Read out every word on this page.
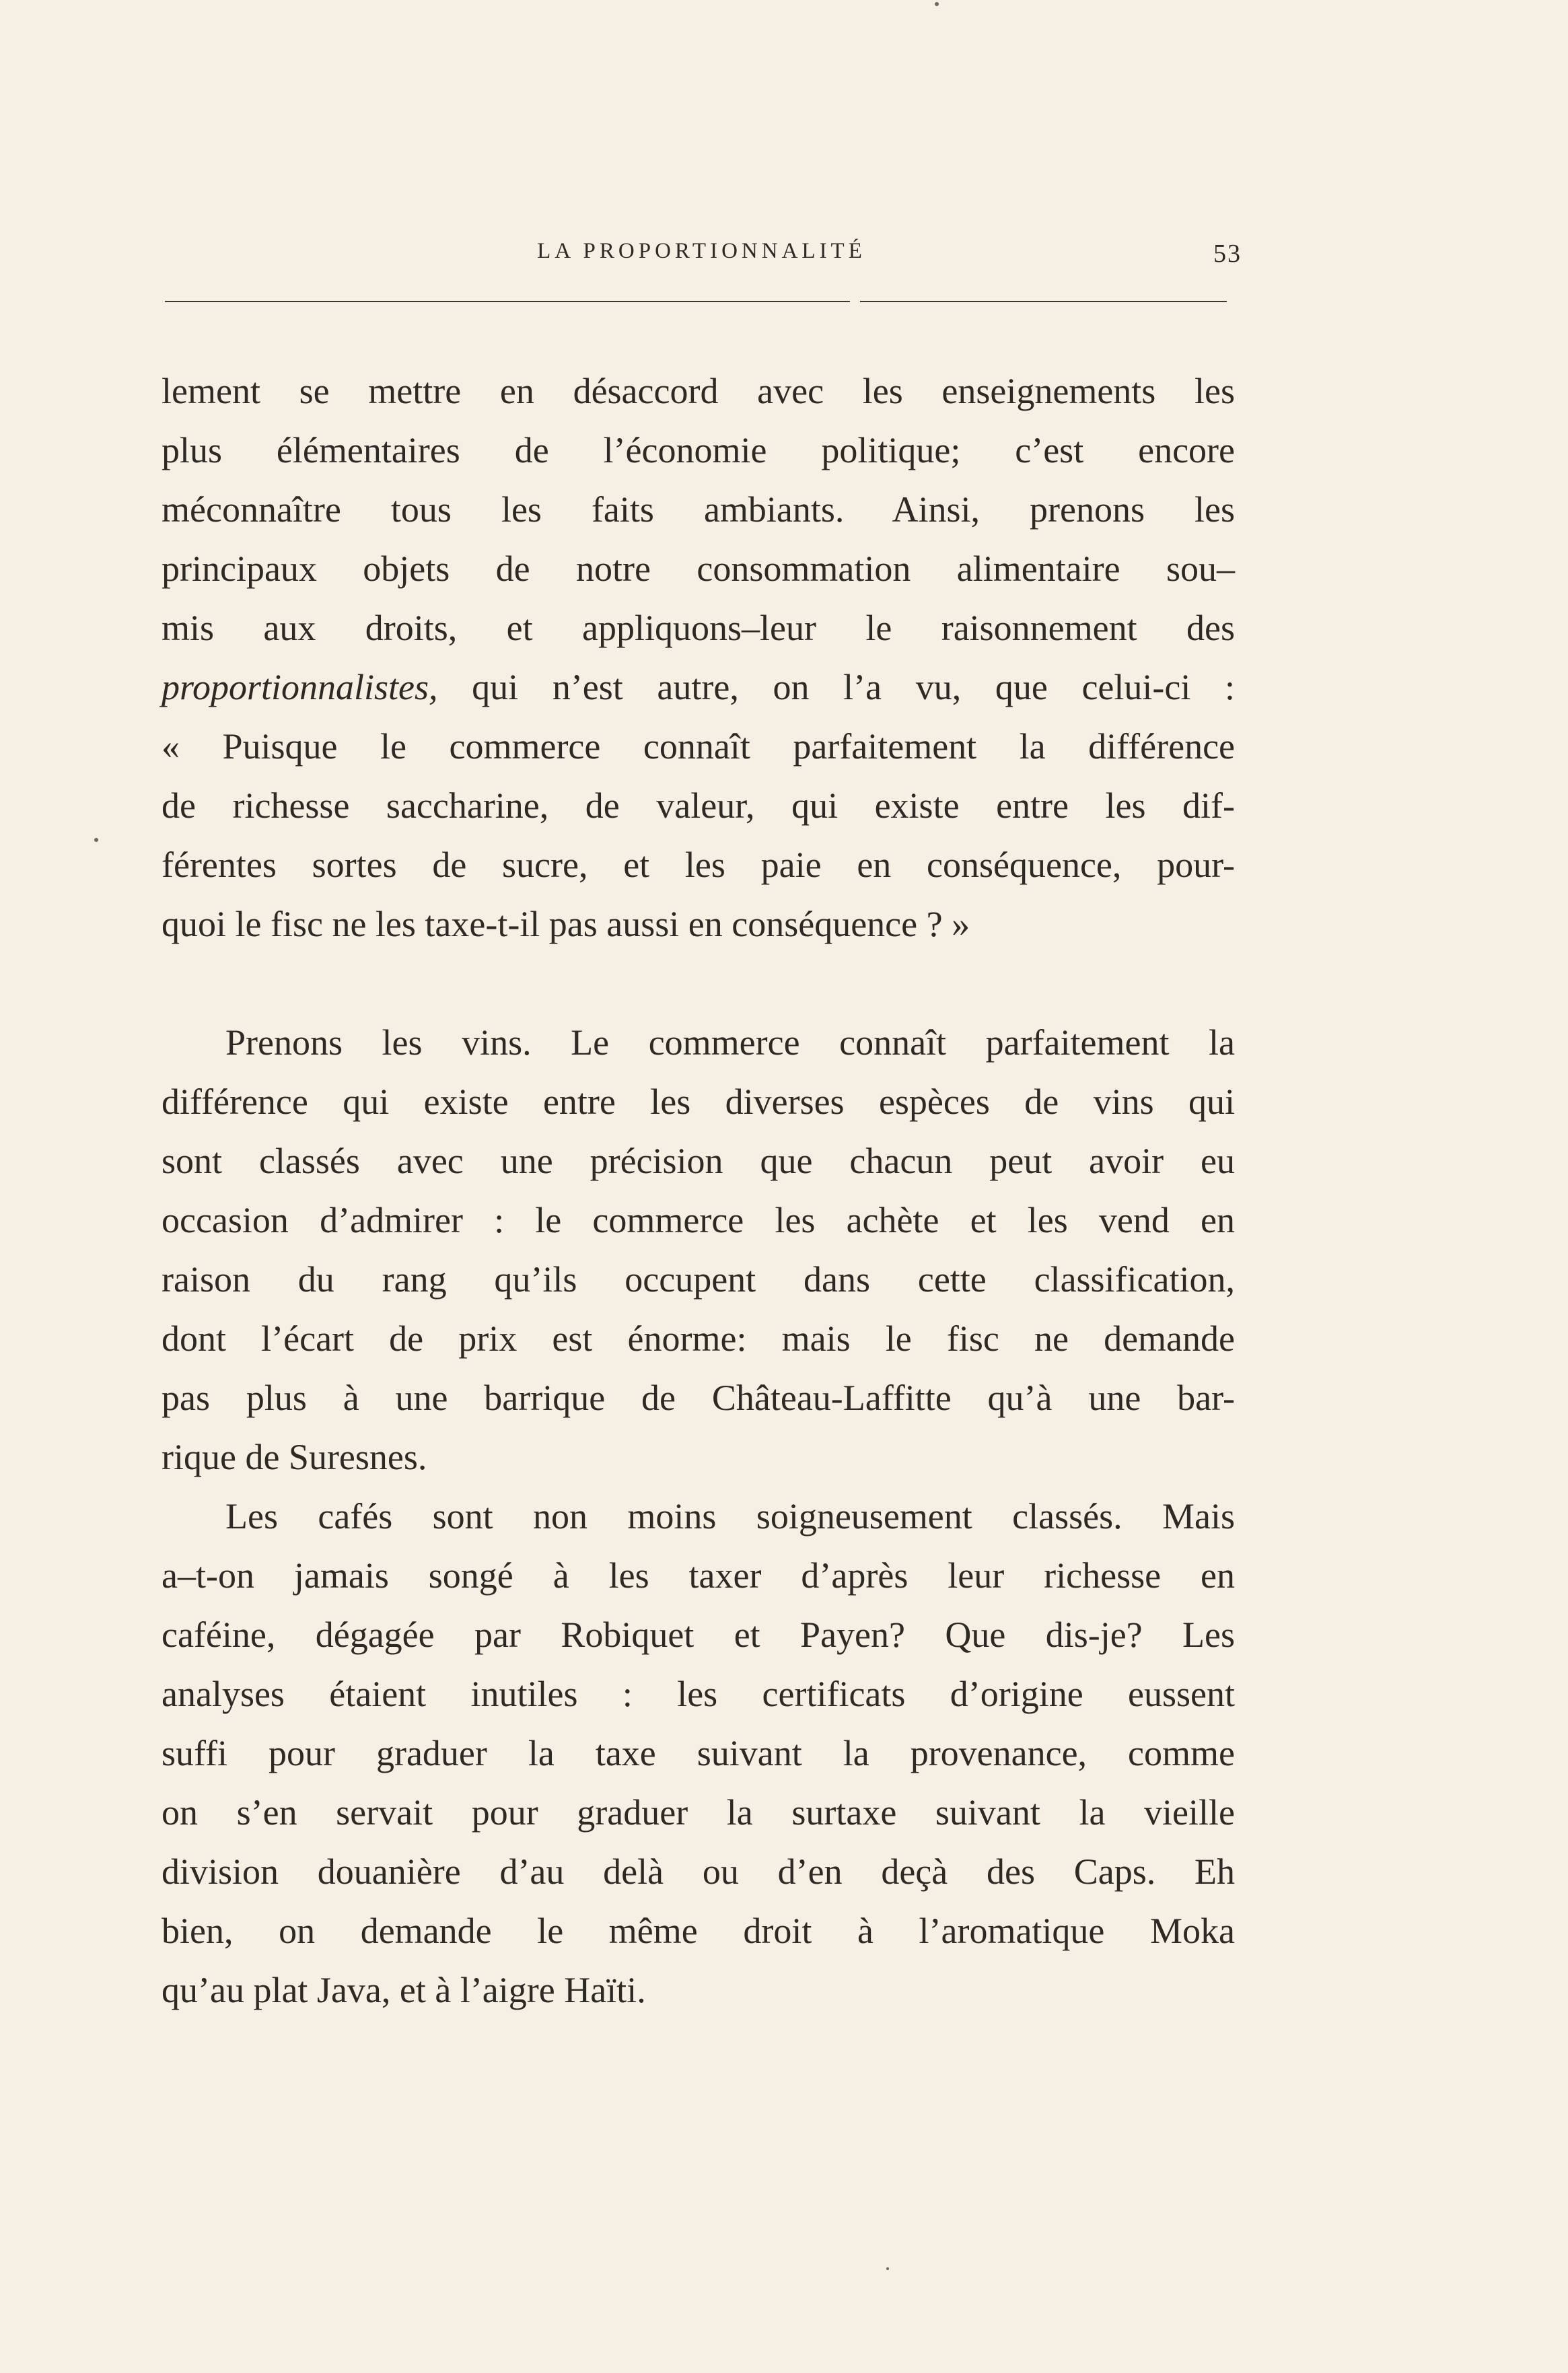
LA PROPORTIONNALITÉ	53
lement se mettre en désaccord avec les enseignements les
plus élémentaires de l’économie politique; c’est encore
méconnaître tous les faits ambiants. Ainsi, prenons les
principaux objets de notre consommation alimentaire sou–
mis aux droits, et appliquons–leur le raisonnement des
proportionnalistes, qui n’est autre, on l’a vu, que celui-ci :
« Puisque le commerce connaît parfaitement la différence
de richesse saccharine, de valeur, qui existe entre les dif-
férentes sortes de sucre, et les paie en conséquence, pour-
quoi le fisc ne les taxe-t-il pas aussi en conséquence ? »
Prenons les vins. Le commerce connaît parfaitement la
différence qui existe entre les diverses espèces de vins qui
sont classés avec une précision que chacun peut avoir eu
occasion d’admirer : le commerce les achète et les vend en
raison du rang qu’ils occupent dans cette classification,
dont l’écart de prix est énorme: mais le fisc ne demande
pas plus à une barrique de Château-Laffitte qu’à une bar-
rique de Suresnes.
Les cafés sont non moins soigneusement classés. Mais
a–t-on jamais songé à les taxer d’après leur richesse en
caféine, dégagée par Robiquet et Payen? Que dis-je? Les
analyses étaient inutiles : les certificats d’origine eussent
suffi pour graduer la taxe suivant la provenance, comme
on s’en servait pour graduer la surtaxe suivant la vieille
division douanière d’au delà ou d’en deçà des Caps. Eh
bien, on demande le même droit à l’aromatique Moka
qu’au plat Java, et à l’aigre Haïti.
